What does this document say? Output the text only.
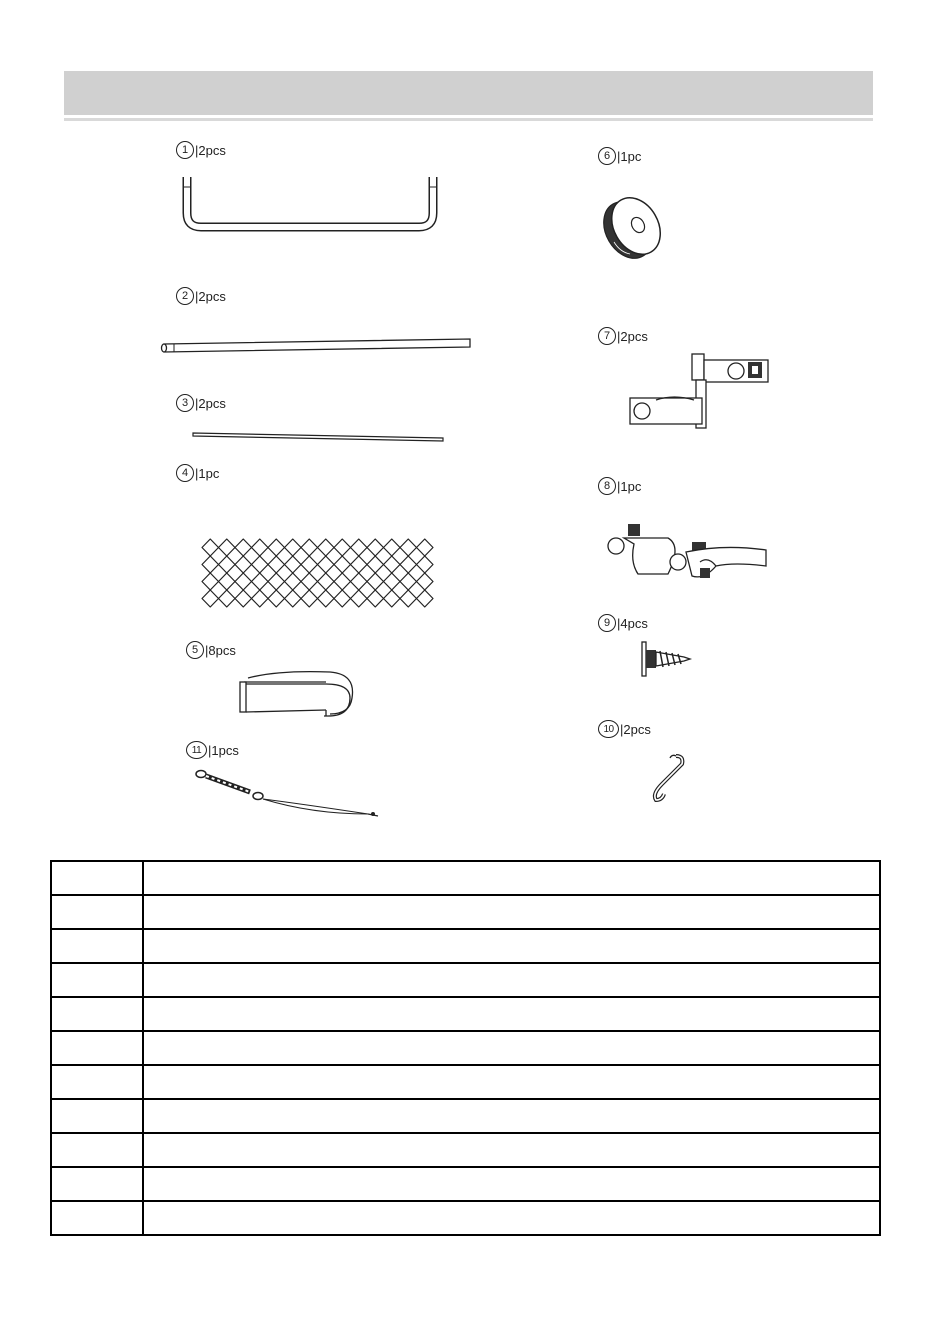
1 |2pcs
2 |2pcs
3 |2pcs
4 |1pc
5 |8pcs
11 |1pcs
6 |1pc
7 |2pcs
8 |1pc
9 |4pcs
10 |2pcs
